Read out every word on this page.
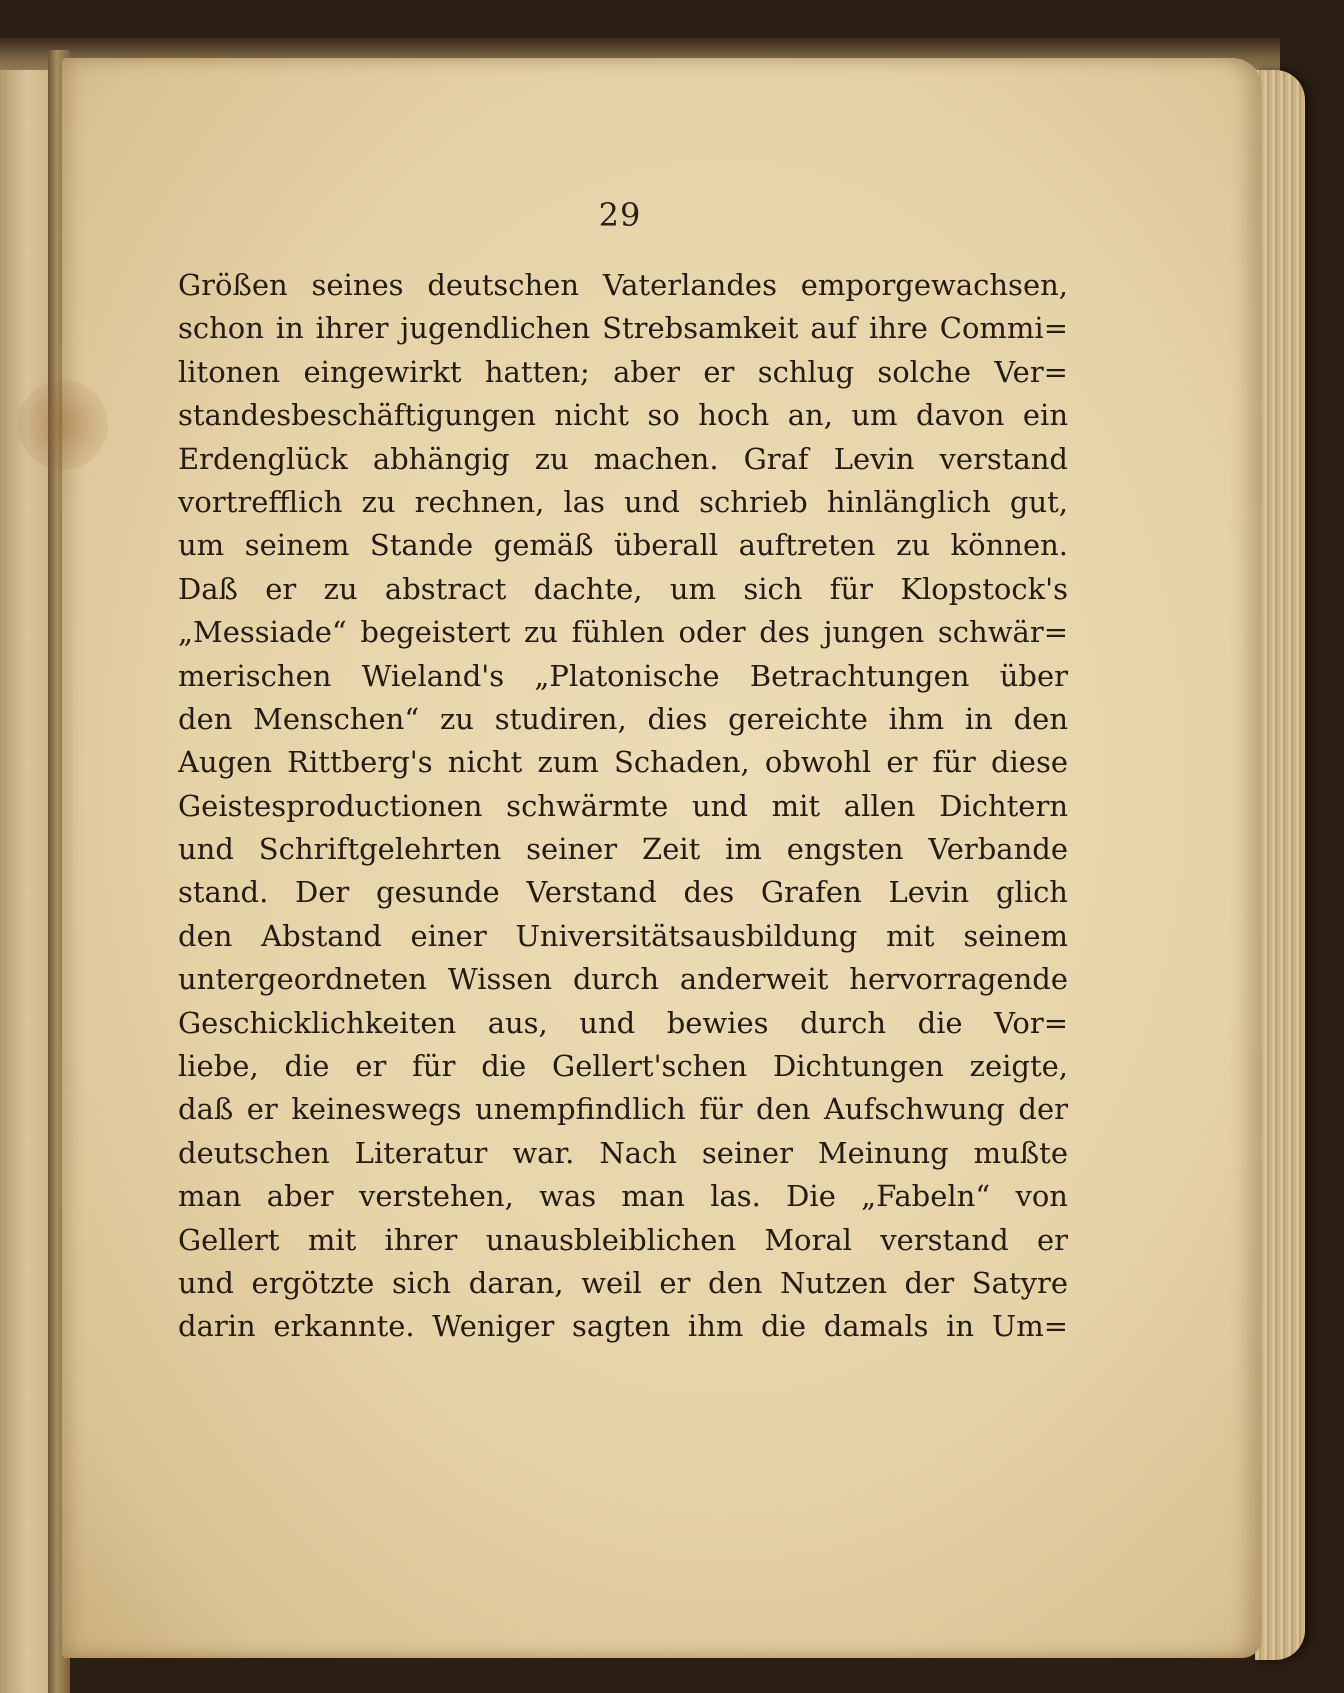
29
Größen seines deutschen Vaterlandes emporgewachsen,
schon in ihrer jugendlichen Strebsamkeit auf ihre Commi=
litonen eingewirkt hatten; aber er schlug solche Ver=
standesbeschäftigungen nicht so hoch an, um davon ein
Erdenglück abhängig zu machen. Graf Levin verstand
vortrefflich zu rechnen, las und schrieb hinlänglich gut,
um seinem Stande gemäß überall auftreten zu können.
Daß er zu abstract dachte, um sich für Klopstock's
„Messiade“ begeistert zu fühlen oder des jungen schwär=
merischen Wieland's „Platonische Betrachtungen über
den Menschen“ zu studiren, dies gereichte ihm in den
Augen Rittberg's nicht zum Schaden, obwohl er für diese
Geistesproductionen schwärmte und mit allen Dichtern
und Schriftgelehrten seiner Zeit im engsten Verbande
stand. Der gesunde Verstand des Grafen Levin glich
den Abstand einer Universitätsausbildung mit seinem
untergeordneten Wissen durch anderweit hervorragende
Geschicklichkeiten aus, und bewies durch die Vor=
liebe, die er für die Gellert'schen Dichtungen zeigte,
daß er keineswegs unempfindlich für den Aufschwung der
deutschen Literatur war. Nach seiner Meinung mußte
man aber verstehen, was man las. Die „Fabeln“ von
Gellert mit ihrer unausbleiblichen Moral verstand er
und ergötzte sich daran, weil er den Nutzen der Satyre
darin erkannte. Weniger sagten ihm die damals in Um=
